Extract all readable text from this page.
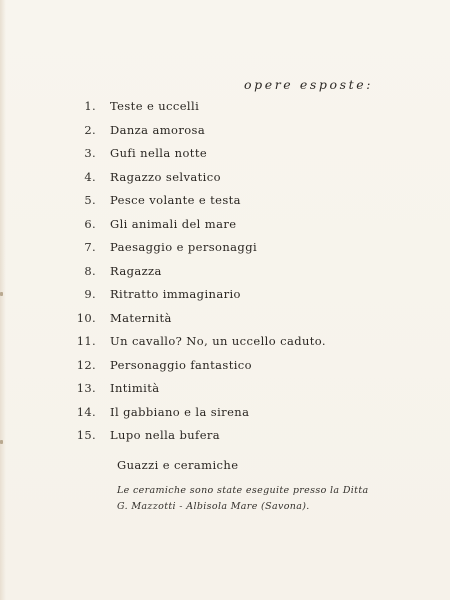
opere esposte:
1. Teste e uccelli
2. Danza amorosa
3. Gufi nella notte
4. Ragazzo selvatico
5. Pesce volante e testa
6. Gli animali del mare
7. Paesaggio e personaggi
8. Ragazza
9. Ritratto immaginario
10. Maternità
11. Un cavallo? No, un uccello caduto.
12. Personaggio fantastico
13. Intimità
14. Il gabbiano e la sirena
15. Lupo nella bufera
Guazzi e ceramiche
Le ceramiche sono state eseguite presso la Ditta
G. Mazzotti - Albisola Mare (Savona).
